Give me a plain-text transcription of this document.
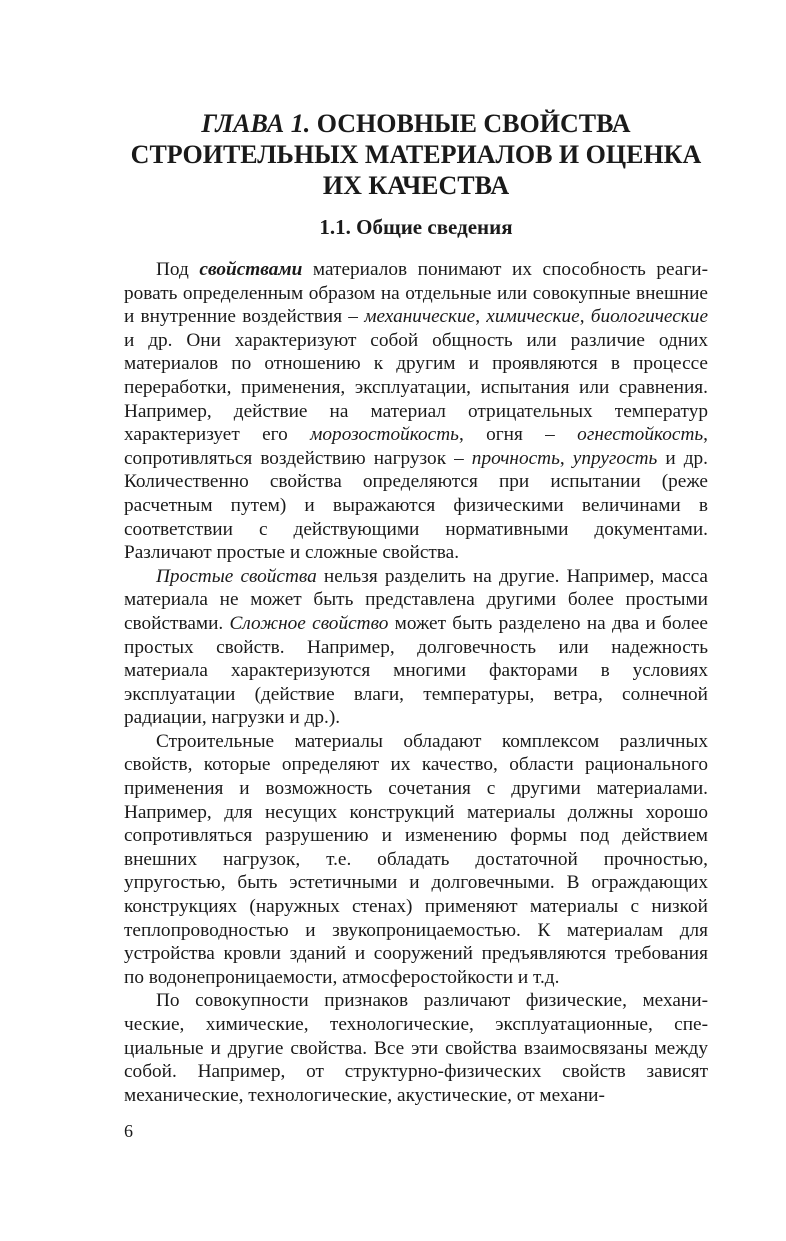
ГЛАВА 1. ОСНОВНЫЕ СВОЙСТВА
СТРОИТЕЛЬНЫХ МАТЕРИАЛОВ И ОЦЕНКА
ИХ КАЧЕСТВА
1.1. Общие сведения

Под свойствами материалов понимают их способность реагировать определенным образом на отдельные или совокупные внешние и внутренние воздействия – механические, химические, биологические и др. Они характеризуют собой общность или различие одних материалов по отношению к другим и проявляются в процессе переработки, применения, эксплуатации, испытания или сравнения. Например, действие на материал отрицательных температур характеризует его морозостойкость, огня – огнестойкость, сопротивляться воздействию нагрузок – прочность, упругость и др. Количественно свойства определяются при испытании (реже расчетным путем) и выражаются физическими величинами в соответствии с действующими нормативными документами. Различают простые и сложные свойства.

Простые свойства нельзя разделить на другие. Например, масса материала не может быть представлена другими более простыми свойствами. Сложное свойство может быть разделено на два и более простых свойств. Например, долговечность или надежность материала характеризуются многими факторами в условиях эксплуатации (действие влаги, температуры, ветра, солнечной радиации, нагрузки и др.).

Строительные материалы обладают комплексом различных свойств, которые определяют их качество, области рационального применения и возможность сочетания с другими материалами. Например, для несущих конструкций материалы должны хорошо сопротивляться разрушению и изменению формы под действием внешних нагрузок, т.е. обладать достаточной прочностью, упругостью, быть эстетичными и долговечными. В ограждающих конструкциях (наружных стенах) применяют материалы с низкой теплопроводностью и звукопроницаемостью. К материалам для устройства кровли зданий и сооружений предъявляются требования по водонепроницаемости, атмосферостойкости и т.д.

По совокупности признаков различают физические, механические, химические, технологические, эксплуатационные, специальные и другие свойства. Все эти свойства взаимосвязаны между собой. Например, от структурно-физических свойств зависят механические, технологические, акустические, от механи-

6
